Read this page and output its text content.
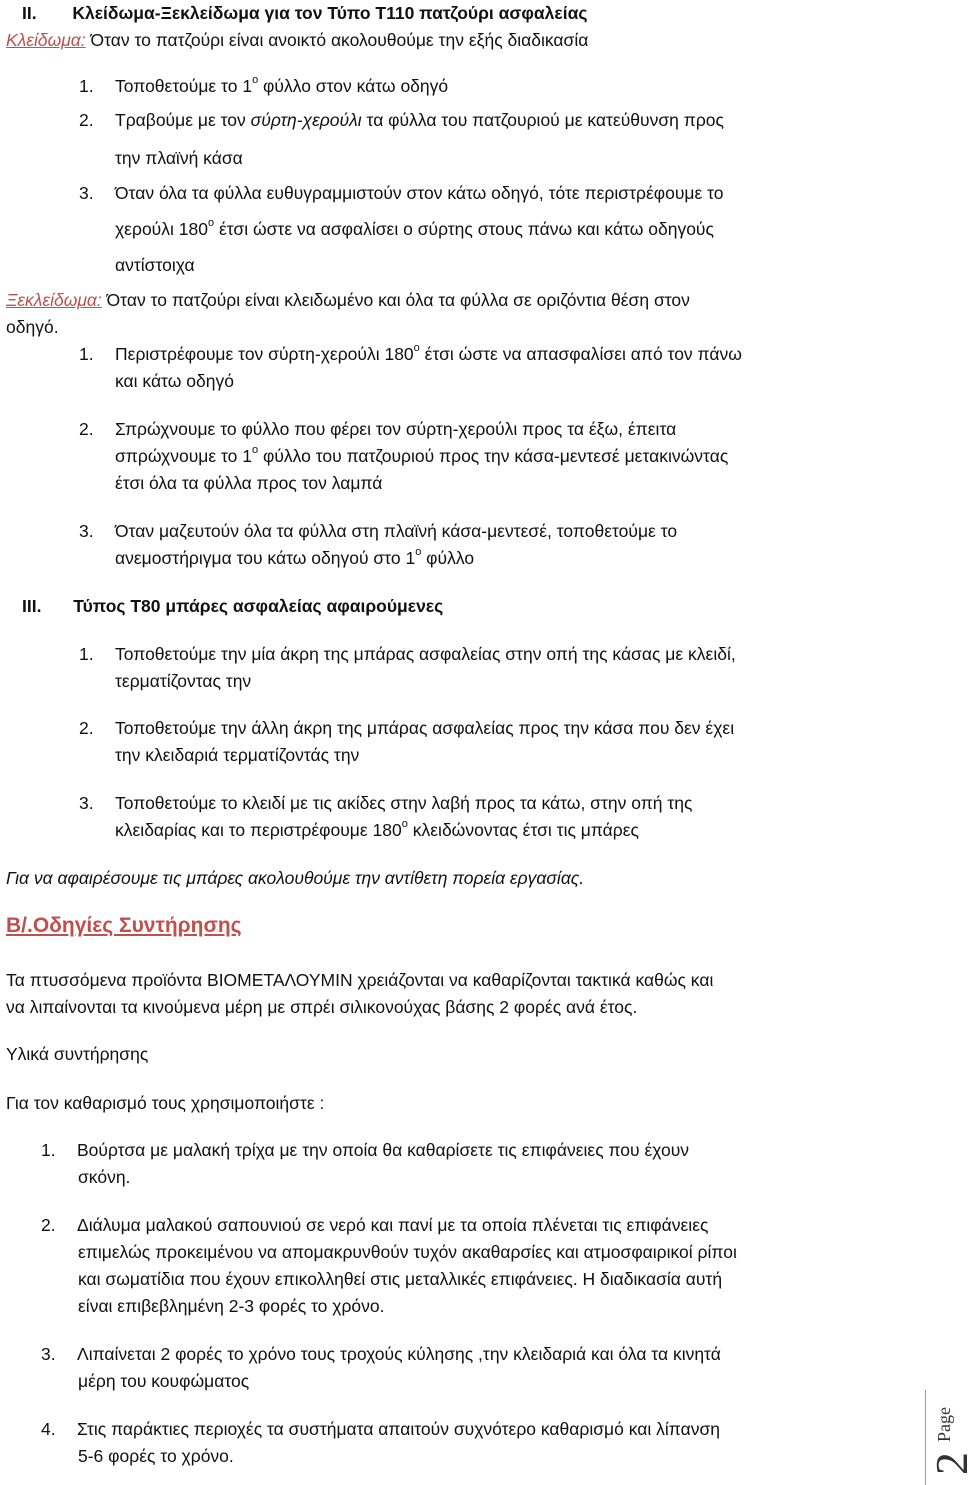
II. Κλείδωμα-Ξεκλείδωμα για τον Τύπο Τ110 πατζούρι ασφαλείας
Κλείδωμα: Όταν το πατζούρι είναι ανοικτό ακολουθούμε την εξής διαδικασία
1. Τοποθετούμε το $1^o$ φύλλο στον κάτω οδηγό
2. Τραβούμε με τον σύρτη-χερούλι τα φύλλα του πατζουριού με κατεύθυνση προς
την πλαϊνή κάσα
3. Όταν όλα τα φύλλα ευθυγραμμιστούν στον κάτω οδηγό, τότε περιστρέφουμε το
χερούλι $180^o$ έτσι ώστε να ασφαλίσει ο σύρτης στους πάνω και κάτω οδηγούς
αντίστοιχα
Ξεκλείδωμα: Όταν το πατζούρι είναι κλειδωμένο και όλα τα φύλλα σε οριζόντια θέση στον
οδηγό.
1. Περιστρέφουμε τον σύρτη-χερούλι $180^o$ έτσι ώστε να απασφαλίσει από τον πάνω
και κάτω οδηγό
2. Σπρώχνουμε το φύλλο που φέρει τον σύρτη-χερούλι προς τα έξω, έπειτα
σπρώχνουμε το $1^o$ φύλλο του πατζουριού προς την κάσα-μεντεσέ μετακινώντας
έτσι όλα τα φύλλα προς τον λαμπά
3. Όταν μαζευτούν όλα τα φύλλα στη πλαϊνή κάσα-μεντεσέ, τοποθετούμε το
ανεμοστήριγμα του κάτω οδηγού στο $1^o$ φύλλο
III. Τύπος Τ80 μπάρες ασφαλείας αφαιρούμενες
1. Τοποθετούμε την μία άκρη της μπάρας ασφαλείας στην οπή της κάσας με κλειδί,
τερματίζοντας την
2. Τοποθετούμε την άλλη άκρη της μπάρας ασφαλείας προς την κάσα που δεν έχει
την κλειδαριά τερματίζοντάς την
3. Τοποθετούμε το κλειδί με τις ακίδες στην λαβή προς τα κάτω, στην οπή της
κλειδαρίας και το περιστρέφουμε $180^o$ κλειδώνοντας έτσι τις μπάρες
Για να αφαιρέσουμε τις μπάρες ακολουθούμε την αντίθετη πορεία εργασίας.
Β/.Οδηγίες Συντήρησης
Τα πτυσσόμενα προϊόντα ΒΙΟΜΕΤΑΛΟΥΜΙΝ χρειάζονται να καθαρίζονται τακτικά καθώς και
να λιπαίνονται τα κινούμενα μέρη με σπρέι σιλικονούχας βάσης 2 φορές ανά έτος.
Υλικά συντήρησης
Για τον καθαρισμό τους χρησιμοποιήστε :
1. Βούρτσα με μαλακή τρίχα με την οποία θα καθαρίσετε τις επιφάνειες που έχουν
σκόνη.
2. Διάλυμα μαλακού σαπουνιού σε νερό και πανί με τα οποία πλένεται τις επιφάνειες
επιμελώς προκειμένου να απομακρυνθούν τυχόν ακαθαρσίες και ατμοσφαιρικοί ρίποι
και σωματίδια που έχουν επικολληθεί στις μεταλλικές επιφάνειες. Η διαδικασία αυτή
είναι επιβεβλημένη 2-3 φορές το χρόνο.
3. Λιπαίνεται 2 φορές το χρόνο τους τροχούς κύλησης ,την κλειδαριά και όλα τα κινητά
μέρη του κουφώματος
4. Στις παράκτιες περιοχές τα συστήματα απαιτούν συχνότερο καθαρισμό και λίπανση
5-6 φορές το χρόνο.
Page
2
